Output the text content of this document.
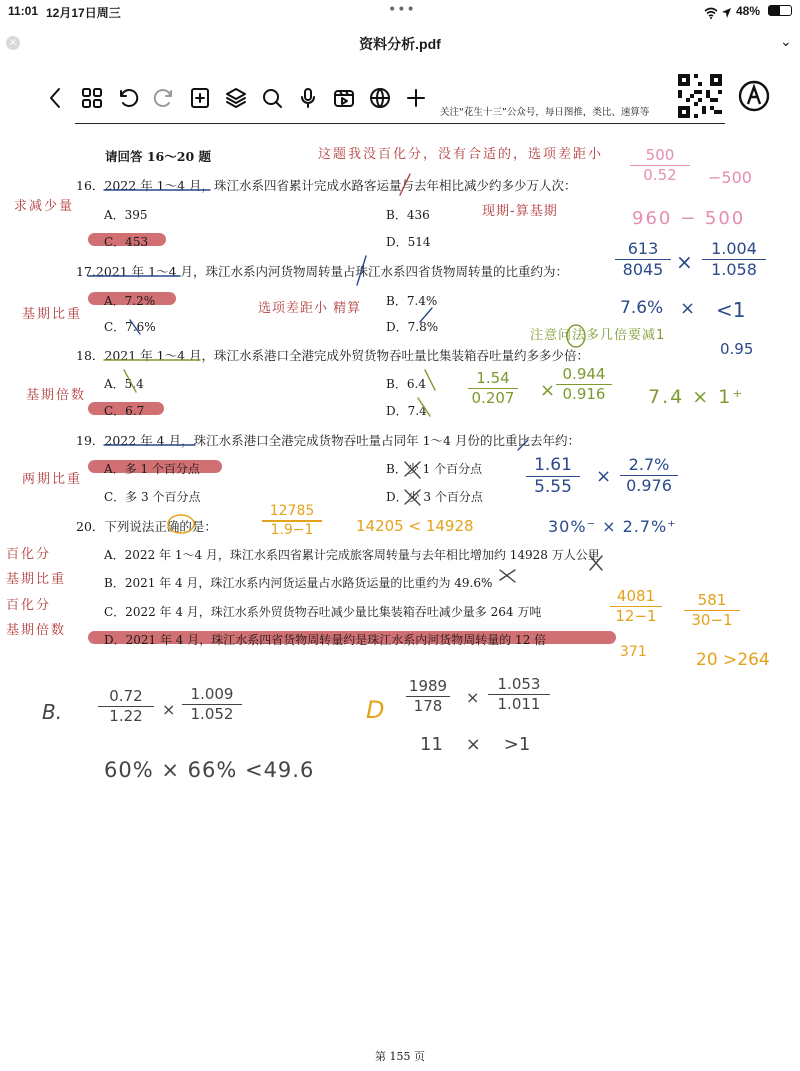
11:01 12月17日周三	•••	48%
×	资料分析.pdf	⌄
关注“花生十三”公众号，每日图推，类比、速算等
请回答 16～20 题
16．2022 年 1～4 月，珠江水系四省累计完成水路客运量与去年相比减少约多少万人次：
A．395	B．436
C．453	D．514
17.2021 年 1～4 月，珠江水系内河货物周转量占珠江水系四省货物周转量的比重约为：
A．7.2%	B．7.4%
C．7.6%	D．7.8%
18．2021 年 1～4 月，珠江水系港口全港完成外贸货物吞吐量比集装箱吞吐量约多多少倍：
A．5.4	B．6.4
C．6.7	D．7.4
19．2022 年 4 月，珠江水系港口全港完成货物吞吐量占同年 1～4 月份的比重比去年约：
A．多 1 个百分点	B．少 1 个百分点
C．多 3 个百分点	D．少 3 个百分点
20．下列说法正确的是：
A．2022 年 1～4 月，珠江水系四省累计完成旅客周转量与去年相比增加约 14928 万人公里
B．2021 年 4 月，珠江水系内河货运量占水路货运量的比重约为 49.6%
C．2022 年 4 月，珠江水系外贸货物吞吐减少量比集装箱吞吐减少量多 264 万吨
D．2021 年 4 月，珠江水系四省货物周转量约是珠江水系内河货物周转量的 12 倍
第 155 页
这题我没百化分，没有合适的，选项差距小
求减少量	现期-算基期
500
0.52	−500
960 − 500
基期比重	选项差距小 精算
注意问法多几倍要减1
613
8045 ×
1.004
1.058
7.6% × <1
0.95
基期倍数
1.54
0.207 ×
0.944
0.916	7.4 × 1⁺
两期比重
1.61
5.55
×
2.7%
0.976
30%⁻ × 2.7%⁺
12785
1.9−1	14205 < 14928
百化分
基期比重
百化分
基期倍数
4081
12−1
371
581
30−1
20 >264
B.
0.72
1.22	×
1.009
1.052
60% × 66% <49.6
D
1989
178	×
1.053
1.011
11    ×    >1
